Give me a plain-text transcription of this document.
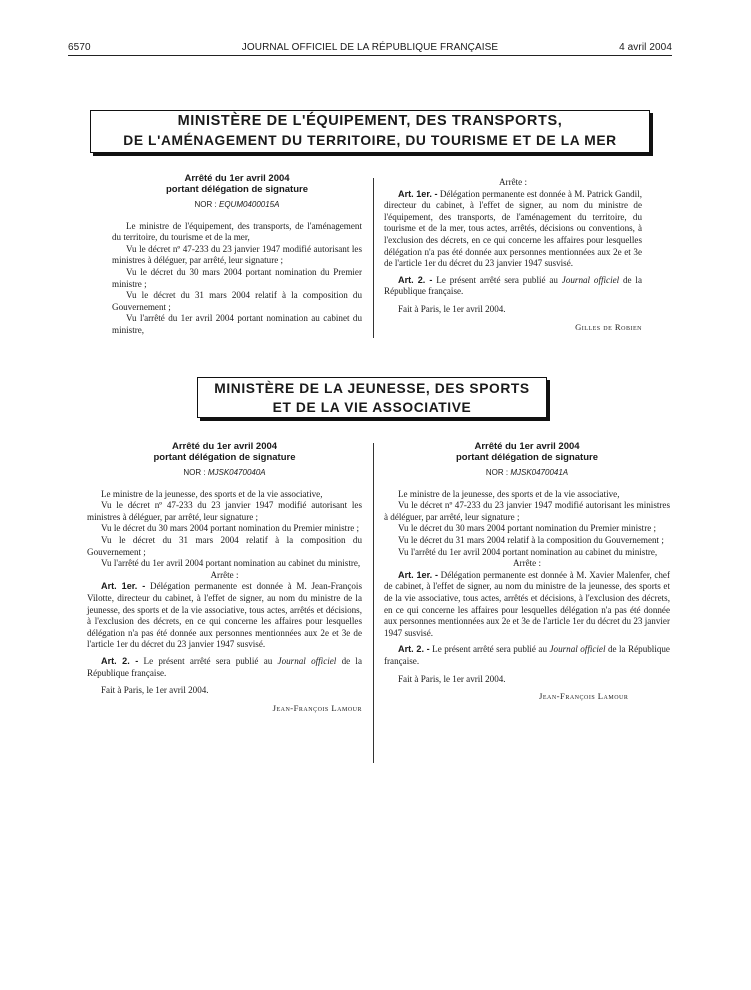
6570	JOURNAL OFFICIEL DE LA RÉPUBLIQUE FRANÇAISE	4 avril 2004
MINISTÈRE DE L'ÉQUIPEMENT, DES TRANSPORTS,
DE L'AMÉNAGEMENT DU TERRITOIRE, DU TOURISME ET DE LA MER
Arrêté du 1er avril 2004
portant délégation de signature
NOR : EQUM0400015A

Le ministre de l'équipement, des transports, de l'aménagement du territoire, du tourisme et de la mer,

Vu le décret nº 47-233 du 23 janvier 1947 modifié autorisant les ministres à déléguer, par arrêté, leur signature ;

Vu le décret du 30 mars 2004 portant nomination du Premier ministre ;

Vu le décret du 31 mars 2004 relatif à la composition du Gouvernement ;

Vu l'arrêté du 1er avril 2004 portant nomination au cabinet du ministre,

Arrête :

Art. 1er. - Délégation permanente est donnée à M. Patrick Gandil, directeur du cabinet, à l'effet de signer, au nom du ministre de l'équipement, des transports, de l'aménagement du territoire, du tourisme et de la mer, tous actes, arrêtés, décisions ou conventions, à l'exclusion des décrets, en ce qui concerne les affaires pour lesquelles délégation n'a pas été donnée aux personnes mentionnées aux 2e et 3e de l'article 1er du décret du 23 janvier 1947 susvisé.

Art. 2. - Le présent arrêté sera publié au Journal officiel de la République française.

Fait à Paris, le 1er avril 2004.

Gilles de Robien
MINISTÈRE DE LA JEUNESSE, DES SPORTS
ET DE LA VIE ASSOCIATIVE
Arrêté du 1er avril 2004
portant délégation de signature
NOR : MJSK0470040A

Le ministre de la jeunesse, des sports et de la vie associative,

Vu le décret nº 47-233 du 23 janvier 1947 modifié autorisant les ministres à déléguer, par arrêté, leur signature ;

Vu le décret du 30 mars 2004 portant nomination du Premier ministre ;

Vu le décret du 31 mars 2004 relatif à la composition du Gouvernement ;

Vu l'arrêté du 1er avril 2004 portant nomination au cabinet du ministre,

Arrête :

Art. 1er. - Délégation permanente est donnée à M. Jean-François Vilotte, directeur du cabinet, à l'effet de signer, au nom du ministre de la jeunesse, des sports et de la vie associative, tous actes, arrêtés et décisions, à l'exclusion des décrets, en ce qui concerne les affaires pour lesquelles délégation n'a pas été donnée aux personnes mentionnées aux 2e et 3e de l'article 1er du décret du 23 janvier 1947 susvisé.

Art. 2. - Le présent arrêté sera publié au Journal officiel de la République française.

Fait à Paris, le 1er avril 2004.

Jean-François Lamour
Arrêté du 1er avril 2004
portant délégation de signature
NOR : MJSK0470041A

Le ministre de la jeunesse, des sports et de la vie associative,

Vu le décret nº 47-233 du 23 janvier 1947 modifié autorisant les ministres à déléguer, par arrêté, leur signature ;

Vu le décret du 30 mars 2004 portant nomination du Premier ministre ;

Vu le décret du 31 mars 2004 relatif à la composition du Gouvernement ;

Vu l'arrêté du 1er avril 2004 portant nomination au cabinet du ministre,

Arrête :

Art. 1er. - Délégation permanente est donnée à M. Xavier Malenfer, chef de cabinet, à l'effet de signer, au nom du ministre de la jeunesse, des sports et de la vie associative, tous actes, arrêtés et décisions, à l'exclusion des décrets, en ce qui concerne les affaires pour lesquelles délégation n'a pas été donnée aux personnes mentionnées aux 2e et 3e de l'article 1er du décret du 23 janvier 1947 susvisé.

Art. 2. - Le présent arrêté sera publié au Journal officiel de la République française.

Fait à Paris, le 1er avril 2004.

Jean-François Lamour
